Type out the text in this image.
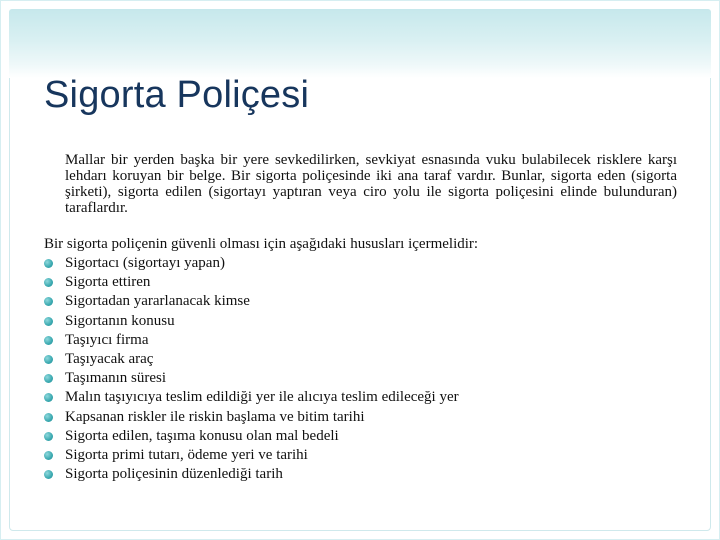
Sigorta Poliçesi

Mallar bir yerden başka bir yere sevkedilirken, sevkiyat esnasında vuku bulabilecek risklere karşı lehdarı koruyan bir belge. Bir sigorta poliçesinde iki ana taraf vardır. Bunlar, sigorta eden (sigorta şirketi), sigorta edilen (sigortayı yaptıran veya ciro yolu ile sigorta poliçesini elinde bulunduran) taraflardır.

Bir sigorta poliçenin güvenli olması için aşağıdaki hususları içermelidir:

Sigortacı (sigortayı yapan)
Sigorta ettiren
Sigortadan yararlanacak kimse
Sigortanın konusu
Taşıyıcı firma
Taşıyacak araç
Taşımanın süresi
Malın taşıyıcıya teslim edildiği yer ile alıcıya teslim edileceği yer
Kapsanan riskler ile riskin başlama ve bitim tarihi
Sigorta edilen, taşıma konusu olan mal bedeli
Sigorta primi tutarı, ödeme yeri ve tarihi
Sigorta poliçesinin düzenlediği tarih
